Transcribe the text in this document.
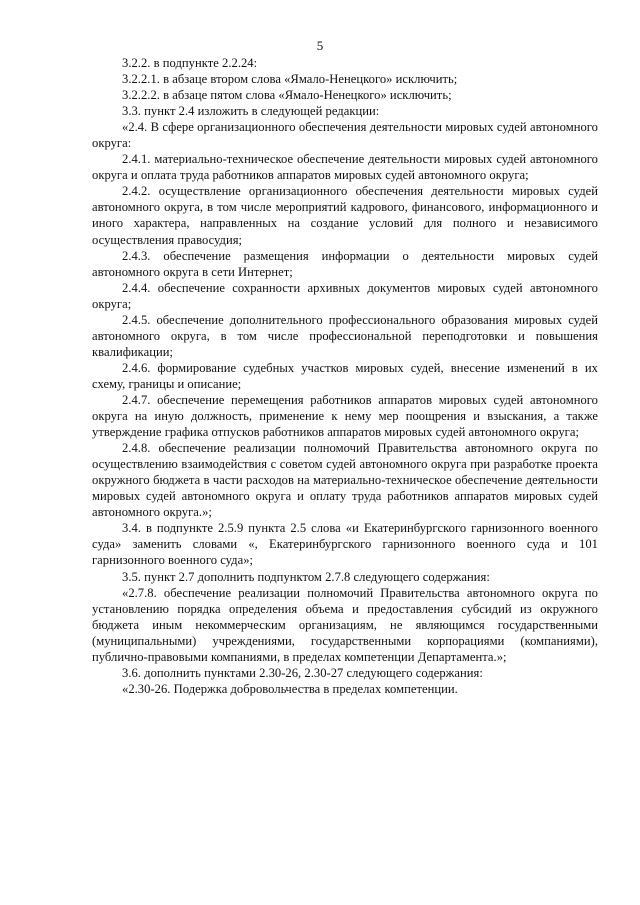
5

3.2.2. в подпункте 2.2.24:

3.2.2.1. в абзаце втором слова «Ямало-Ненецкого» исключить;

3.2.2.2. в абзаце пятом слова «Ямало-Ненецкого» исключить;

3.3. пункт 2.4 изложить в следующей редакции:

«2.4. В сфере организационного обеспечения деятельности мировых судей автономного округа:

2.4.1. материально-техническое обеспечение деятельности мировых судей автономного округа и оплата труда работников аппаратов мировых судей автономного округа;

2.4.2. осуществление организационного обеспечения деятельности мировых судей автономного округа, в том числе мероприятий кадрового, финансового, информационного и иного характера, направленных на создание условий для полного и независимого осуществления правосудия;

2.4.3. обеспечение размещения информации о деятельности мировых судей автономного округа в сети Интернет;

2.4.4. обеспечение сохранности архивных документов мировых судей автономного округа;

2.4.5. обеспечение дополнительного профессионального образования мировых судей автономного округа, в том числе профессиональной переподготовки и повышения квалификации;

2.4.6. формирование судебных участков мировых судей, внесение изменений в их схему, границы и описание;

2.4.7. обеспечение перемещения работников аппаратов мировых судей автономного округа на иную должность, применение к нему мер поощрения и взыскания, а также утверждение графика отпусков работников аппаратов мировых судей автономного округа;

2.4.8. обеспечение реализации полномочий Правительства автономного округа по осуществлению взаимодействия с советом судей автономного округа при разработке проекта окружного бюджета в части расходов на материально-техническое обеспечение деятельности мировых судей автономного округа и оплату труда работников аппаратов мировых судей автономного округа.»;

3.4. в подпункте 2.5.9 пункта 2.5 слова «и Екатеринбургского гарнизонного военного суда» заменить словами «, Екатеринбургского гарнизонного военного суда и 101 гарнизонного военного суда»;

3.5. пункт 2.7 дополнить подпунктом 2.7.8 следующего содержания:

«2.7.8. обеспечение реализации полномочий Правительства автономного округа по установлению порядка определения объема и предоставления субсидий из окружного бюджета иным некоммерческим организациям, не являющимся государственными (муниципальными) учреждениями, государственными корпорациями (компаниями), публично-правовыми компаниями, в пределах компетенции Департамента.»;

3.6. дополнить пунктами 2.30-26, 2.30-27 следующего содержания:

«2.30-26. Подержка добровольчества в пределах компетенции.
